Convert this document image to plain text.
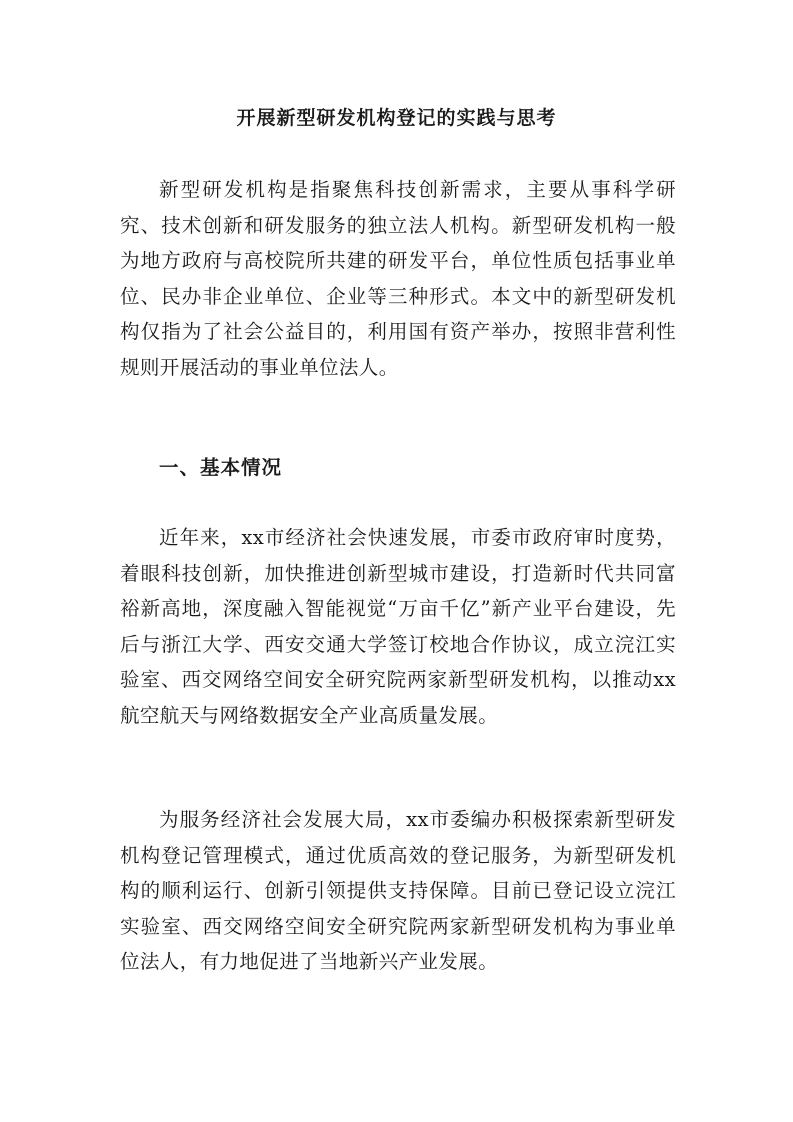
开展新型研发机构登记的实践与思考

新型研发机构是指聚焦科技创新需求，主要从事科学研究、技术创新和研发服务的独立法人机构。新型研发机构一般为地方政府与高校院所共建的研发平台，单位性质包括事业单位、民办非企业单位、企业等三种形式。本文中的新型研发机构仅指为了社会公益目的，利用国有资产举办，按照非营利性规则开展活动的事业单位法人。

一、基本情况

近年来，xx市经济社会快速发展，市委市政府审时度势，着眼科技创新，加快推进创新型城市建设，打造新时代共同富裕新高地，深度融入智能视觉“万亩千亿”新产业平台建设，先后与浙江大学、西安交通大学签订校地合作协议，成立浣江实验室、西交网络空间安全研究院两家新型研发机构，以推动xx航空航天与网络数据安全产业高质量发展。

为服务经济社会发展大局，xx市委编办积极探索新型研发机构登记管理模式，通过优质高效的登记服务，为新型研发机构的顺利运行、创新引领提供支持保障。目前已登记设立浣江实验室、西交网络空间安全研究院两家新型研发机构为事业单位法人，有力地促进了当地新兴产业发展。
